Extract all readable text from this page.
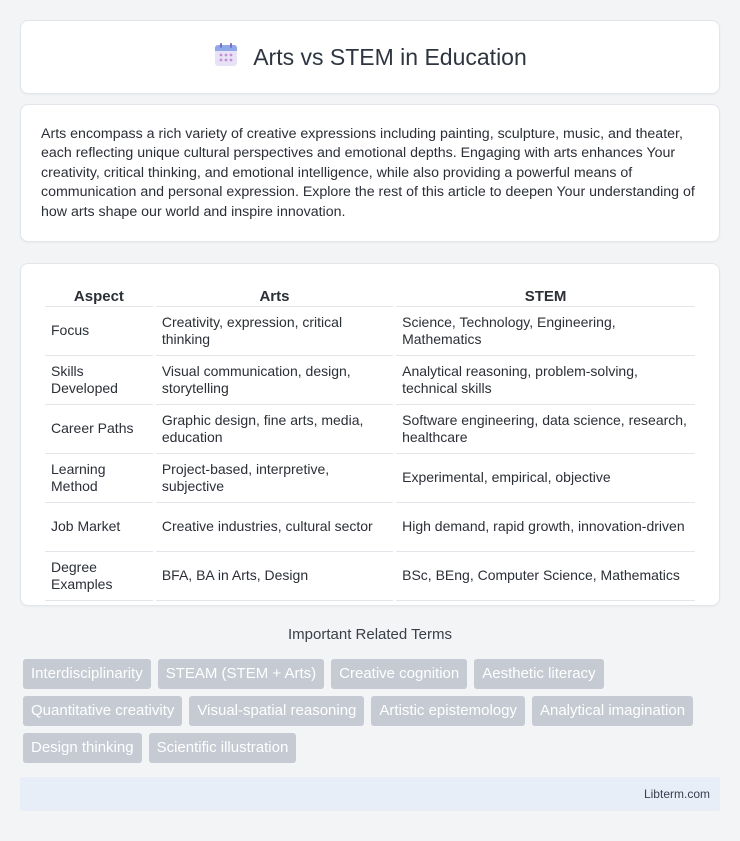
Arts vs STEM in Education

Arts encompass a rich variety of creative expressions including painting, sculpture, music, and theater, each reflecting unique cultural perspectives and emotional depths. Engaging with arts enhances Your creativity, critical thinking, and emotional intelligence, while also providing a powerful means of communication and personal expression. Explore the rest of this article to deepen Your understanding of how arts shape our world and inspire innovation.

Aspect	Arts	STEM
Focus	Creativity, expression, critical thinking	Science, Technology, Engineering, Mathematics
Skills Developed	Visual communication, design, storytelling	Analytical reasoning, problem-solving, technical skills
Career Paths	Graphic design, fine arts, media, education	Software engineering, data science, research, healthcare
Learning Method	Project-based, interpretive, subjective	Experimental, empirical, objective
Job Market	Creative industries, cultural sector	High demand, rapid growth, innovation-driven
Degree Examples	BFA, BA in Arts, Design	BSc, BEng, Computer Science, Mathematics
Important Related Terms
Interdisciplinarity	STEAM (STEM + Arts)	Creative cognition	Aesthetic literacy
Quantitative creativity	Visual-spatial reasoning	Artistic epistemology	Analytical imagination
Design thinking	Scientific illustration
Libterm.com
